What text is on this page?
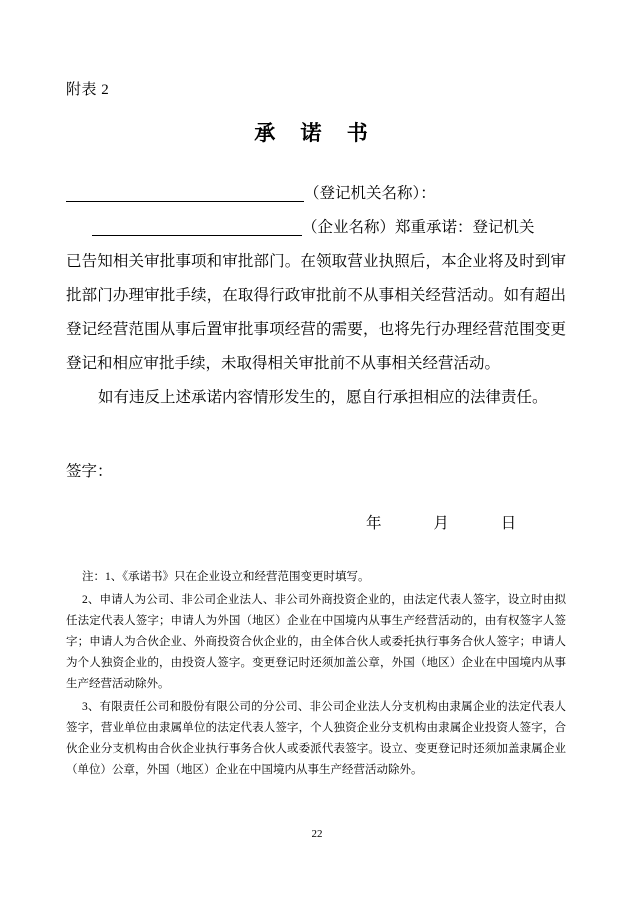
附表 2
承 诺 书
（登记机关名称）：
（企业名称）郑重承诺：登记机关
已告知相关审批事项和审批部门。在领取营业执照后，本企业将及时到审批部门办理审批手续，在取得行政审批前不从事相关经营活动。如有超出登记经营范围从事后置审批事项经营的需要，也将先行办理经营范围变更登记和相应审批手续，未取得相关审批前不从事相关经营活动。
如有违反上述承诺内容情形发生的，愿自行承担相应的法律责任。
签字：
年	月	日

注：1、《承诺书》只在企业设立和经营范围变更时填写。

2、申请人为公司、非公司企业法人、非公司外商投资企业的，由法定代表人签字，设立时由拟任法定代表人签字；申请人为外国（地区）企业在中国境内从事生产经营活动的，由有权签字人签字；申请人为合伙企业、外商投资合伙企业的，由全体合伙人或委托执行事务合伙人签字；申请人为个人独资企业的，由投资人签字。变更登记时还须加盖公章，外国（地区）企业在中国境内从事生产经营活动除外。

3、有限责任公司和股份有限公司的分公司、非公司企业法人分支机构由隶属企业的法定代表人签字，营业单位由隶属单位的法定代表人签字，个人独资企业分支机构由隶属企业投资人签字，合伙企业分支机构由合伙企业执行事务合伙人或委派代表签字。设立、变更登记时还须加盖隶属企业（单位）公章，外国（地区）企业在中国境内从事生产经营活动除外。

22
